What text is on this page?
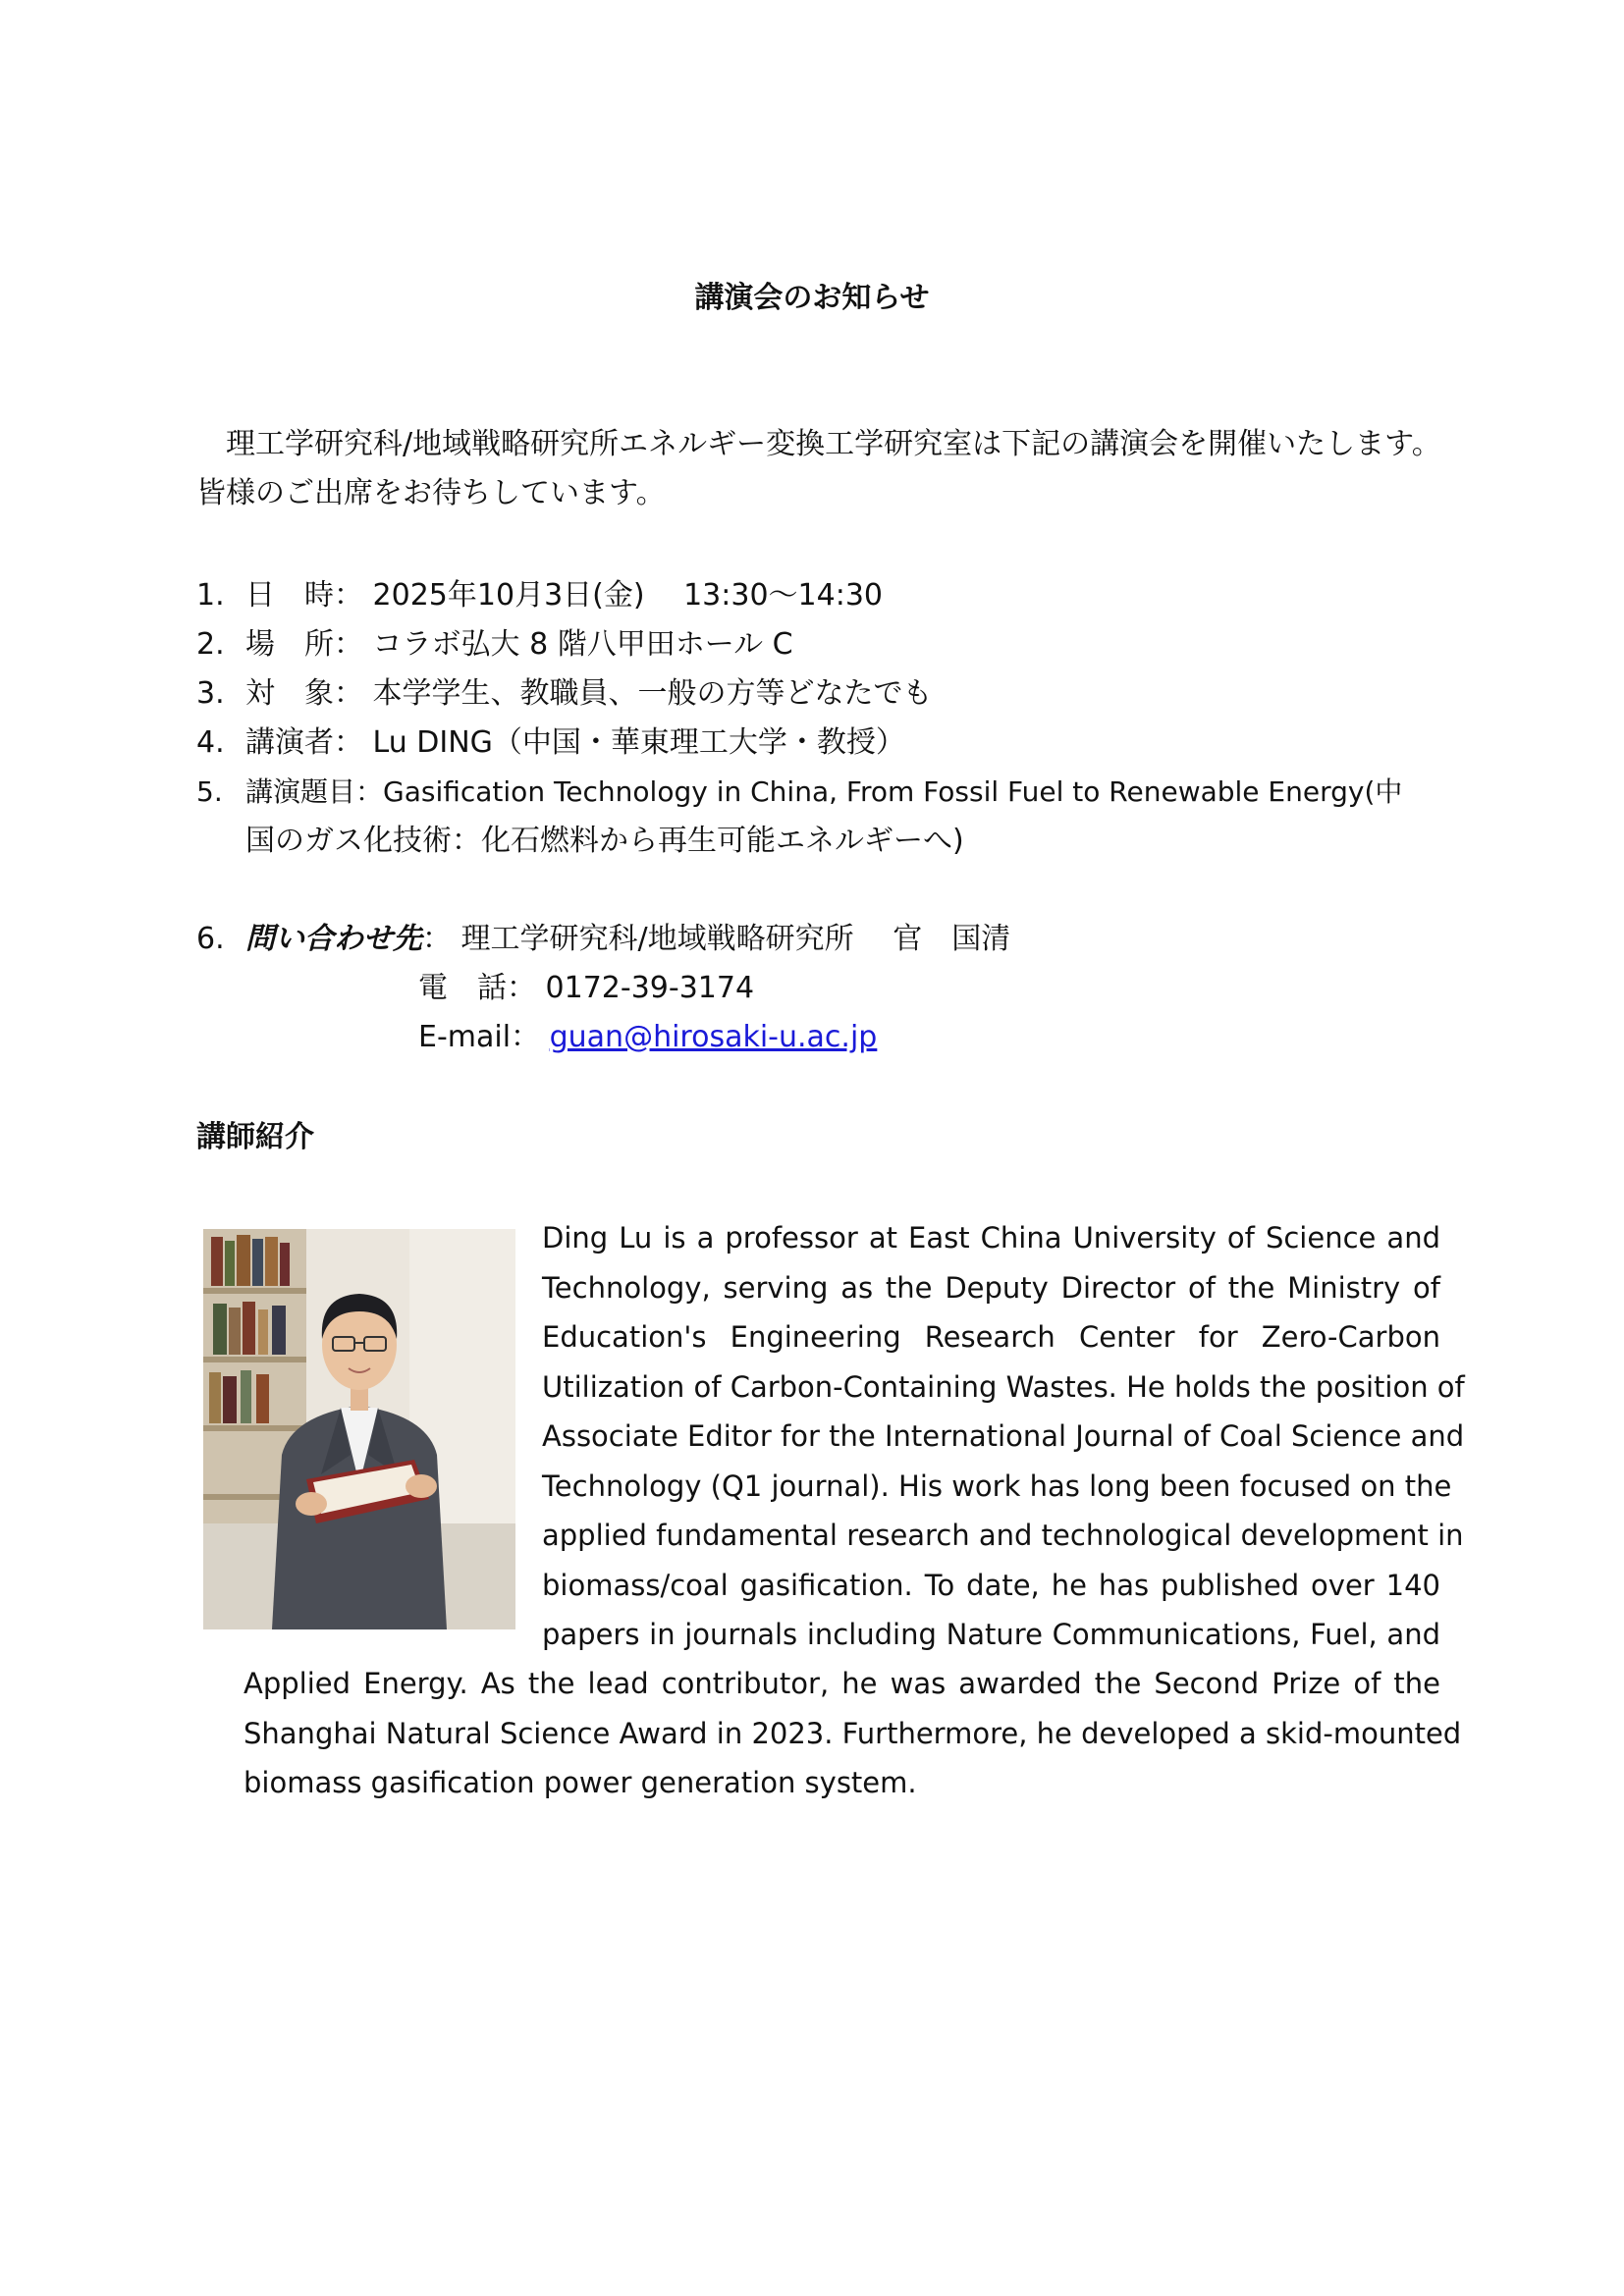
講演会のお知らせ
　理工学研究科/地域戦略研究所エネルギー変換工学研究室は下記の講演会を開催いたします。皆様のご出席をお待ちしています。
1. 日　時： 2025年10月3日(金)　 13:30～14:30
2. 場　所： コラボ弘大 8 階八甲田ホール C
3. 対　象： 本学学生、教職員、一般の方等どなたでも
4. 講演者： Lu DING（中国・華東理工大学・教授）
5. 講演題目：Gasification Technology in China, From Fossil Fuel to Renewable Energy(中
国のガス化技術：化石燃料から再生可能エネルギーへ)
6. 問い合わせ先： 理工学研究科/地域戦略研究所　 官　国清
電　話： 0172-39-3174
E-mail： guan@hirosaki-u.ac.jp
講師紹介
Ding Lu is a professor at East China University of Science and
Technology, serving as the Deputy Director of the Ministry of
Education's Engineering Research Center for Zero-Carbon
Utilization of Carbon-Containing Wastes. He holds the position of
Associate Editor for the International Journal of Coal Science and
Technology (Q1 journal). His work has long been focused on the
applied fundamental research and technological development in
biomass/coal gasification. To date, he has published over 140
papers in journals including Nature Communications, Fuel, and
Applied Energy. As the lead contributor, he was awarded the Second Prize of the
Shanghai Natural Science Award in 2023. Furthermore, he developed a skid-mounted
biomass gasification power generation system.
